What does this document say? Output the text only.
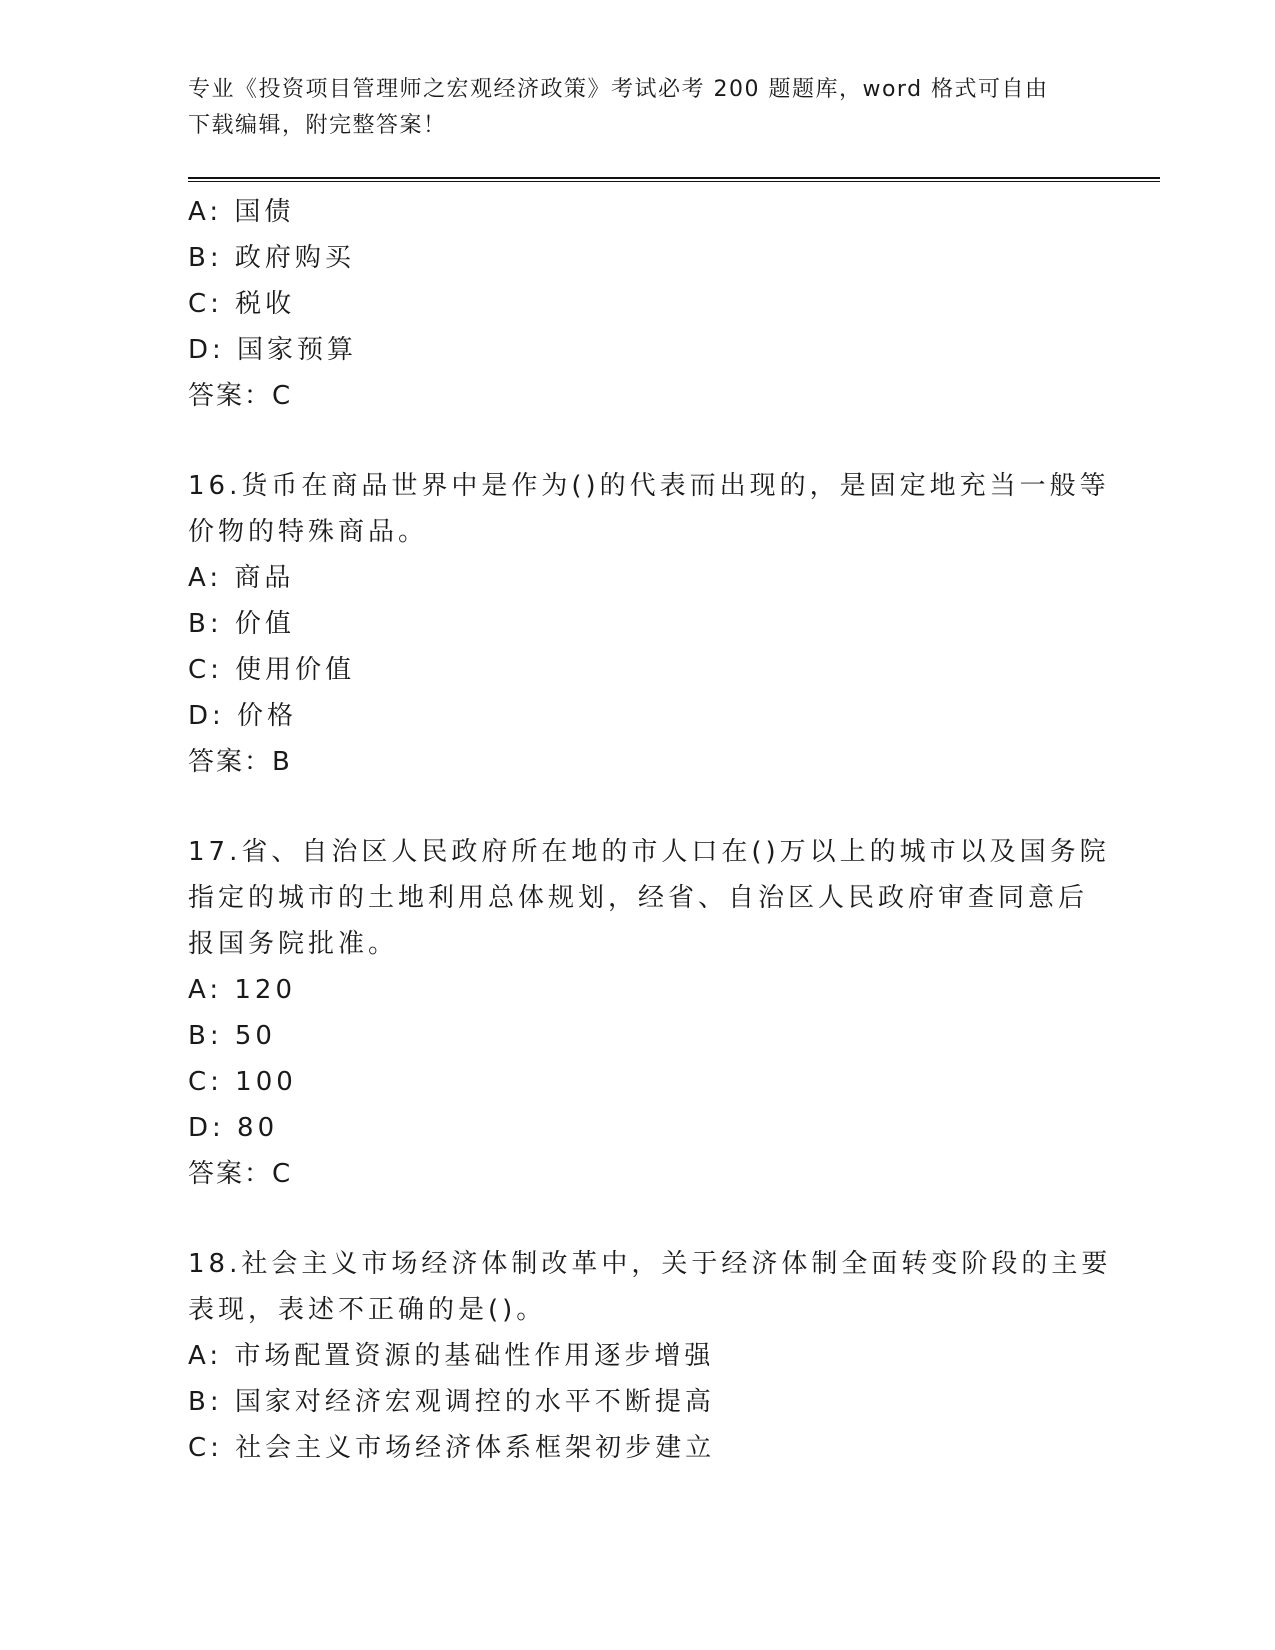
专业《投资项目管理师之宏观经济政策》考试必考 200 题题库，word 格式可自由
下载编辑，附完整答案！
A: 国债
B: 政府购买
C: 税收
D: 国家预算
答案：C
16.货币在商品世界中是作为()的代表而出现的，是固定地充当一般等
价物的特殊商品。
A: 商品
B: 价值
C: 使用价值
D: 价格
答案：B
17.省、自治区人民政府所在地的市人口在()万以上的城市以及国务院
指定的城市的土地利用总体规划，经省、自治区人民政府审查同意后
报国务院批准。
A: 120
B: 50
C: 100
D: 80
答案：C
18.社会主义市场经济体制改革中，关于经济体制全面转变阶段的主要
表现，表述不正确的是()。
A: 市场配置资源的基础性作用逐步增强
B: 国家对经济宏观调控的水平不断提高
C: 社会主义市场经济体系框架初步建立
